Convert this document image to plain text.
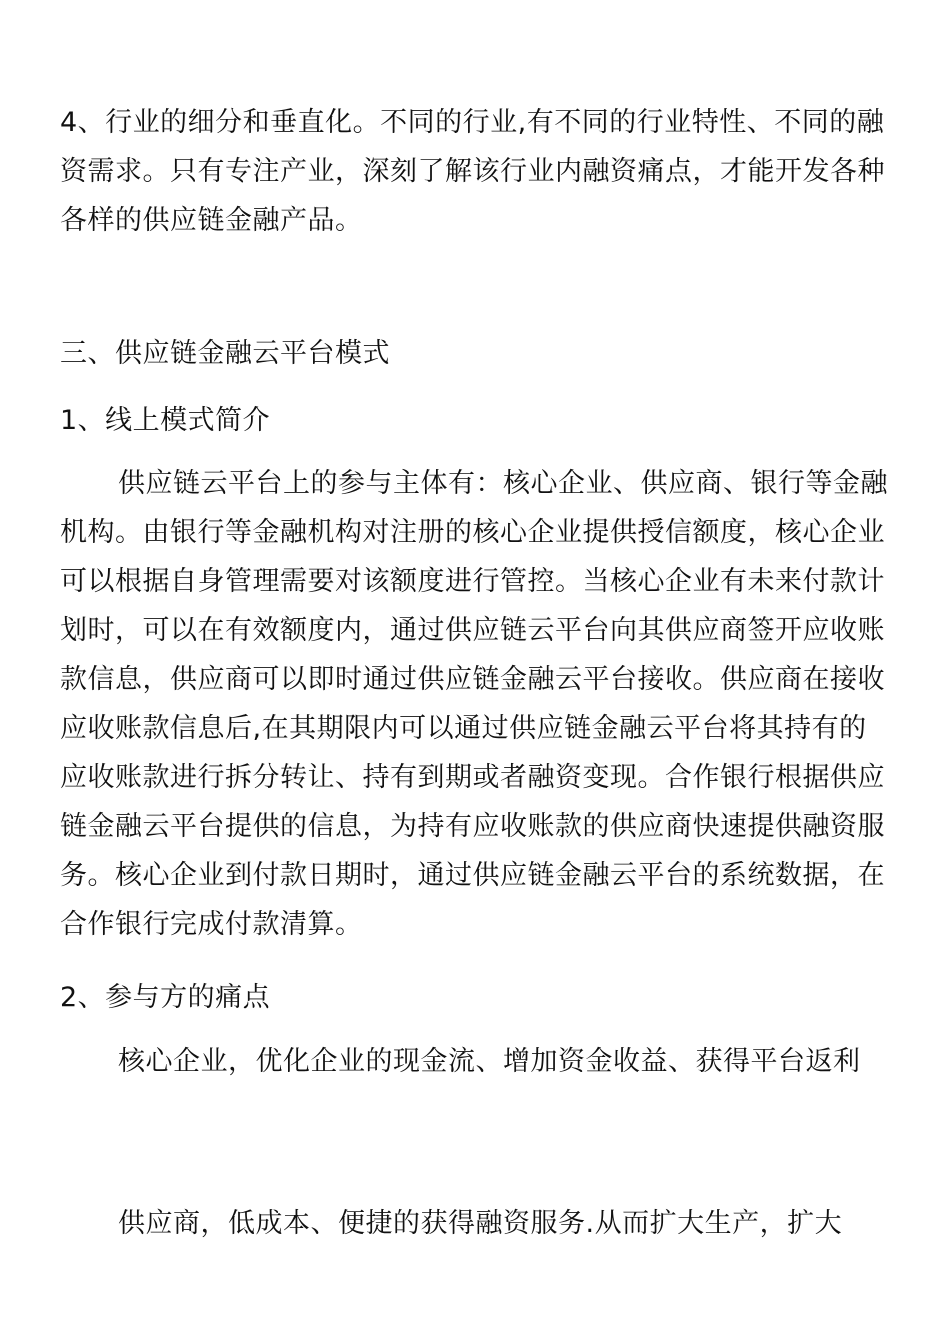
4、行业的细分和垂直化。不同的行业,有不同的行业特性、不同的融资需求。只有专注产业，深刻了解该行业内融资痛点，才能开发各种各样的供应链金融产品。

三、供应链金融云平台模式

1、线上模式简介

供应链云平台上的参与主体有：核心企业、供应商、银行等金融机构。由银行等金融机构对注册的核心企业提供授信额度，核心企业可以根据自身管理需要对该额度进行管控。当核心企业有未来付款计划时，可以在有效额度内，通过供应链云平台向其供应商签开应收账款信息，供应商可以即时通过供应链金融云平台接收。供应商在接收应收账款信息后,在其期限内可以通过供应链金融云平台将其持有的应收账款进行拆分转让、持有到期或者融资变现。合作银行根据供应链金融云平台提供的信息，为持有应收账款的供应商快速提供融资服务。核心企业到付款日期时，通过供应链金融云平台的系统数据，在合作银行完成付款清算。

2、参与方的痛点

核心企业，优化企业的现金流、增加资金收益、获得平台返利

供应商，低成本、便捷的获得融资服务.从而扩大生产，扩大
